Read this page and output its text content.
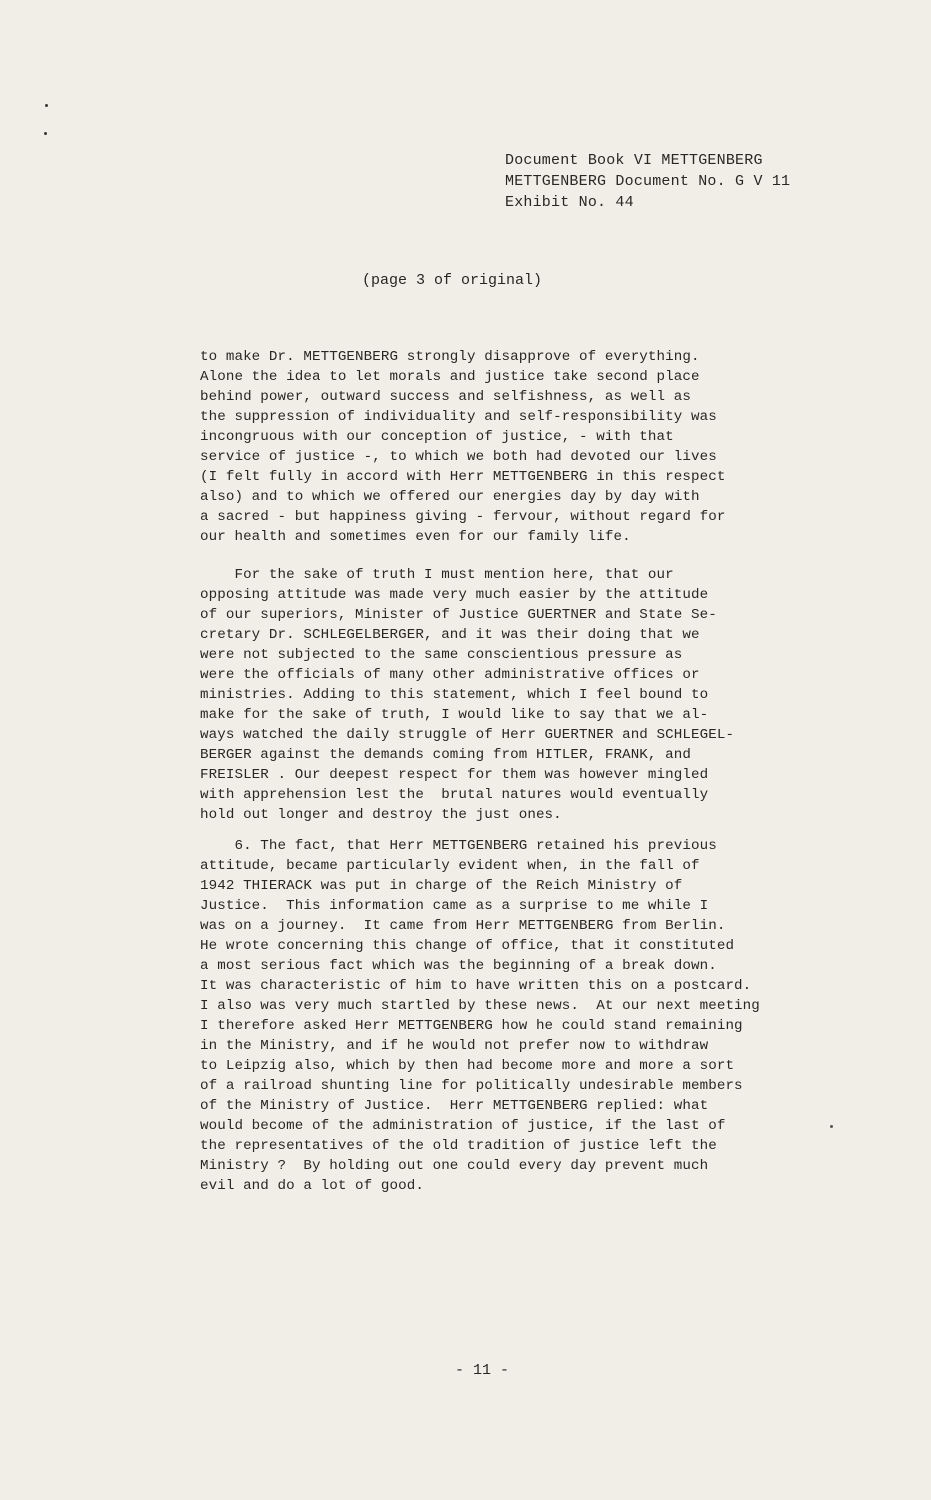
Document Book VI METTGENBERG
METTGENBERG Document No. G V 11
Exhibit No. 44
(page 3 of original)
to make Dr. METTGENBERG strongly disapprove of everything.
Alone the idea to let morals and justice take second place
behind power, outward success and selfishness, as well as
the suppression of individuality and self-responsibility was
incongruous with our conception of justice, - with that
service of justice -, to which we both had devoted our lives
(I felt fully in accord with Herr METTGENBERG in this respect
also) and to which we offered our energies day by day with
a sacred - but happiness giving - fervour, without regard for
our health and sometimes even for our family life.
For the sake of truth I must mention here, that our
opposing attitude was made very much easier by the attitude
of our superiors, Minister of Justice GUERTNER and State Se-
cretary Dr. SCHLEGELBERGER, and it was their doing that we
were not subjected to the same conscientious pressure as
were the officials of many other administrative offices or
ministries. Adding to this statement, which I feel bound to
make for the sake of truth, I would like to say that we al-
ways watched the daily struggle of Herr GUERTNER and SCHLEGEL-
BERGER against the demands coming from HITLER, FRANK, and
FREISLER . Our deepest respect for them was however mingled
with apprehension lest the  brutal natures would eventually
hold out longer and destroy the just ones.
6. The fact, that Herr METTGENBERG retained his previous
attitude, became particularly evident when, in the fall of
1942 THIERACK was put in charge of the Reich Ministry of
Justice.  This information came as a surprise to me while I
was on a journey.  It came from Herr METTGENBERG from Berlin.
He wrote concerning this change of office, that it constituted
a most serious fact which was the beginning of a break down.
It was characteristic of him to have written this on a postcard.
I also was very much startled by these news.  At our next meeting
I therefore asked Herr METTGENBERG how he could stand remaining
in the Ministry, and if he would not prefer now to withdraw
to Leipzig also, which by then had become more and more a sort
of a railroad shunting line for politically undesirable members
of the Ministry of Justice.  Herr METTGENBERG replied: what
would become of the administration of justice, if the last of
the representatives of the old tradition of justice left the
Ministry ?  By holding out one could every day prevent much
evil and do a lot of good.
- 11 -
